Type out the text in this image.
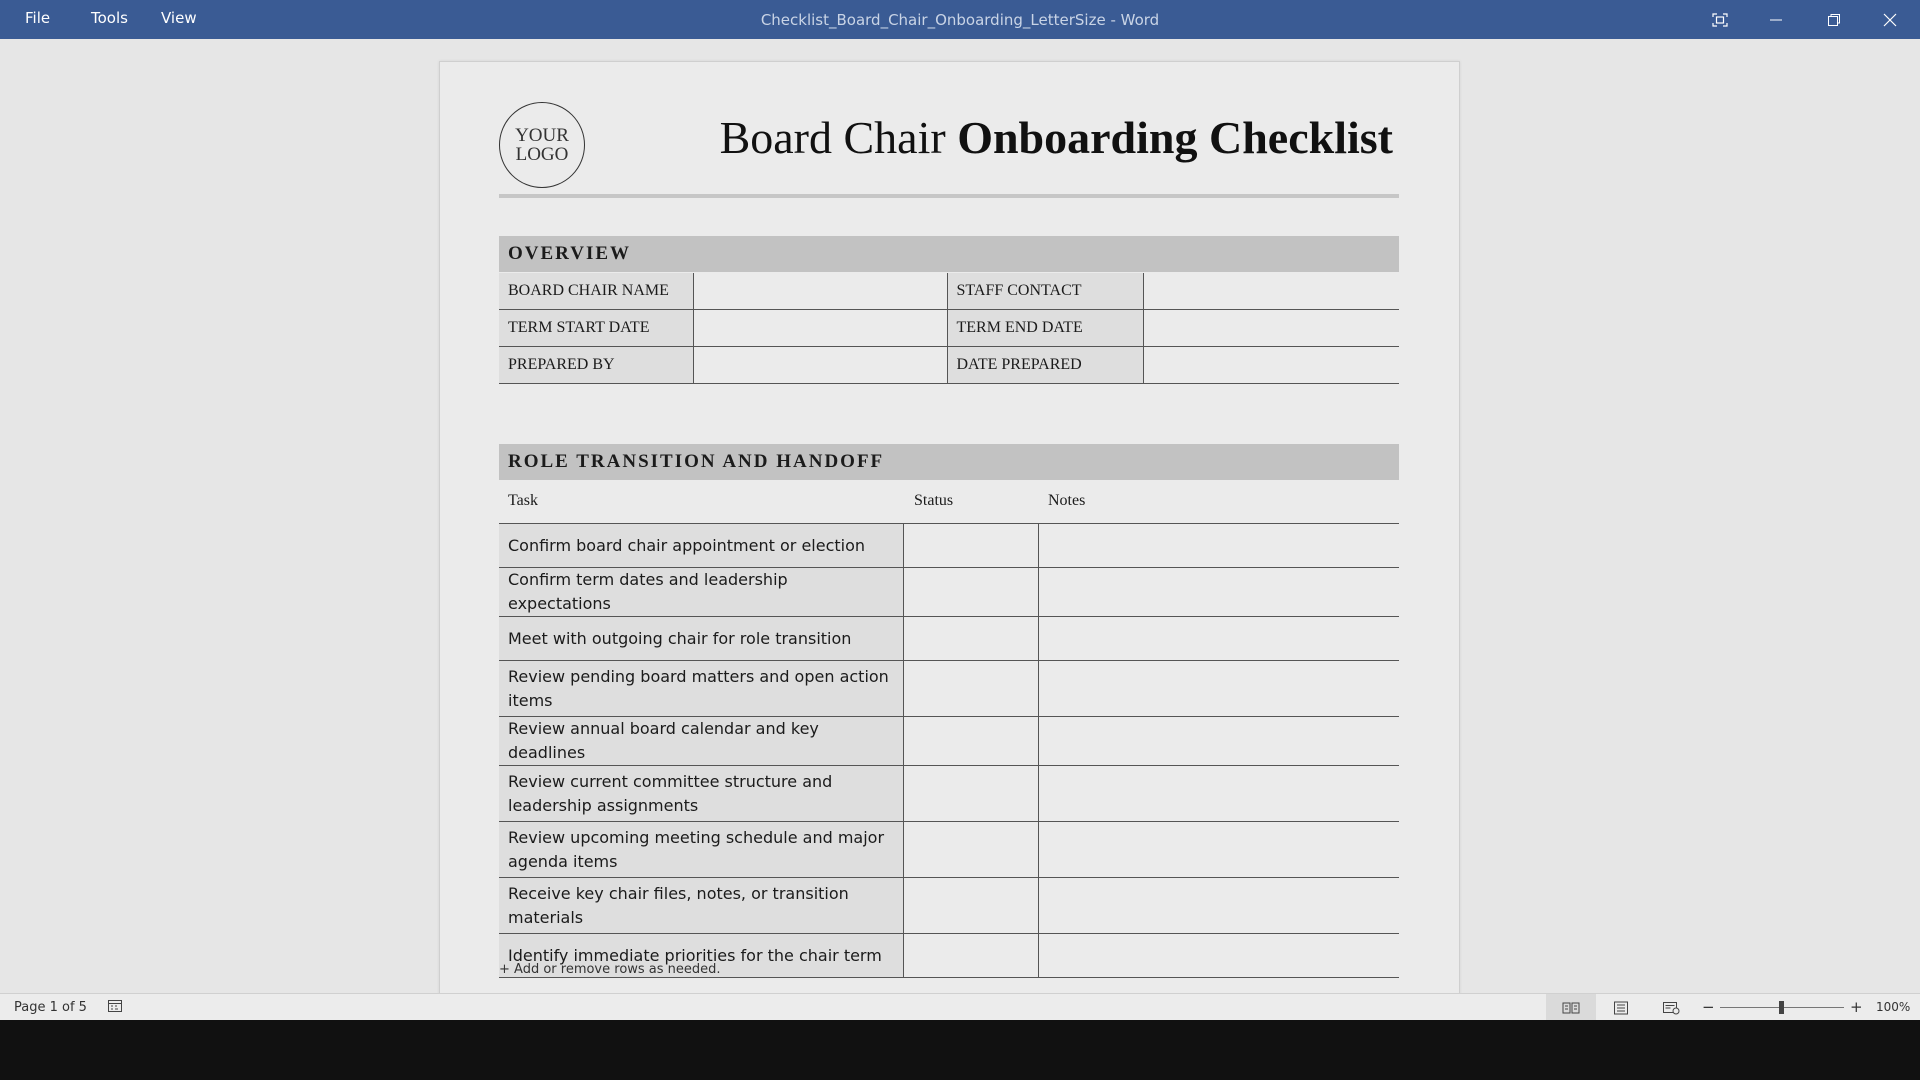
File	Tools View	Checklist_Board_Chair_Onboarding_LetterSize - Word
YOUR LOGO	Board Chair Onboarding Checklist
OVERVIEW
BOARD CHAIR NAME		STAFF CONTACT	
TERM START DATE		TERM END DATE	
PREPARED BY		DATE PREPARED	
ROLE TRANSITION AND HANDOFF
Task	Status	Notes
Confirm board chair appointment or election		
Confirm term dates and leadership expectations		
Meet with outgoing chair for role transition		
Review pending board matters and open action items		
Review annual board calendar and key deadlines		
Review current committee structure and leadership assignments		
Review upcoming meeting schedule and major agenda items		
Receive key chair files, notes, or transition materials		
Identify immediate priorities for the chair term		
+ Add or remove rows as needed.
Page 1 of 5	−	+ 100%
